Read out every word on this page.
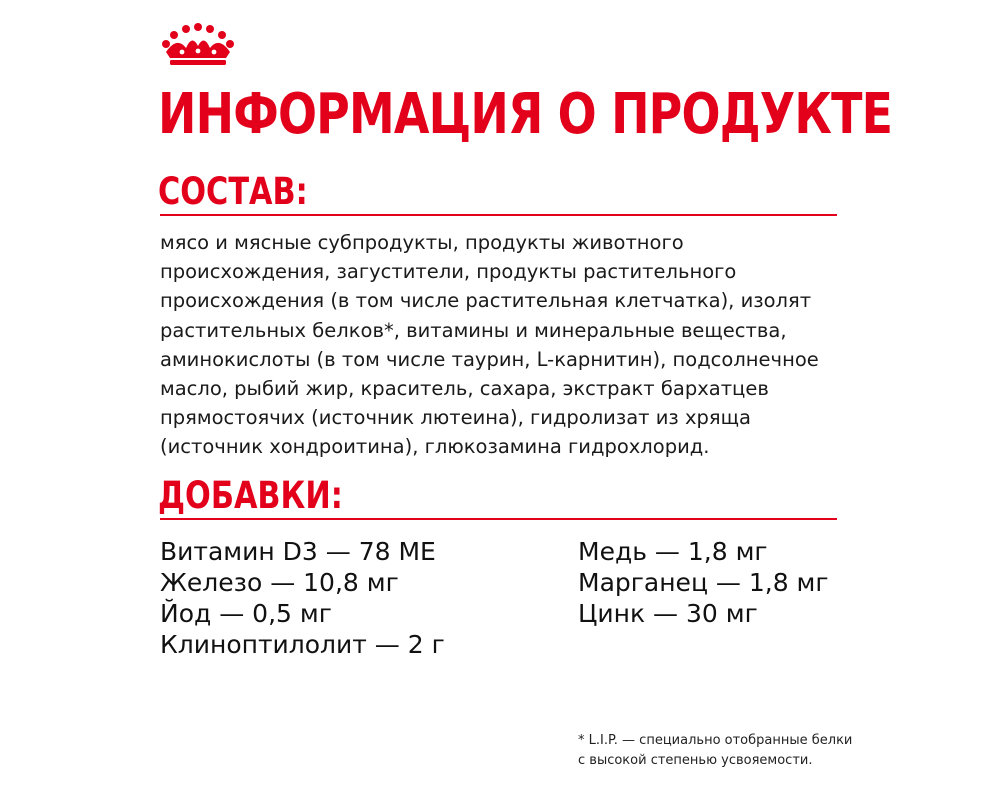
ИНФОРМАЦИЯ О ПРОДУКТЕ
СОСТАВ:

мясо и мясные субпродукты, продукты животного
происхождения, загустители, продукты растительного
происхождения (в том числе растительная клетчатка), изолят
растительных белков*, витамины и минеральные вещества,
аминокислоты (в том числе таурин, L-карнитин), подсолнечное
масло, рыбий жир, краситель, сахара, экстракт бархатцев
прямостоячих (источник лютеина), гидролизат из хряща
(источник хондроитина), глюкозамина гидрохлорид.

ДОБАВКИ:
Витамин D3 — 78 МЕ
Железо — 10,8 мг
Йод — 0,5 мг
Клиноптилолит — 2 г
Медь — 1,8 мг
Марганец — 1,8 мг
Цинк — 30 мг

* L.I.P. — специально отобранные белки
с высокой степенью усвояемости.
